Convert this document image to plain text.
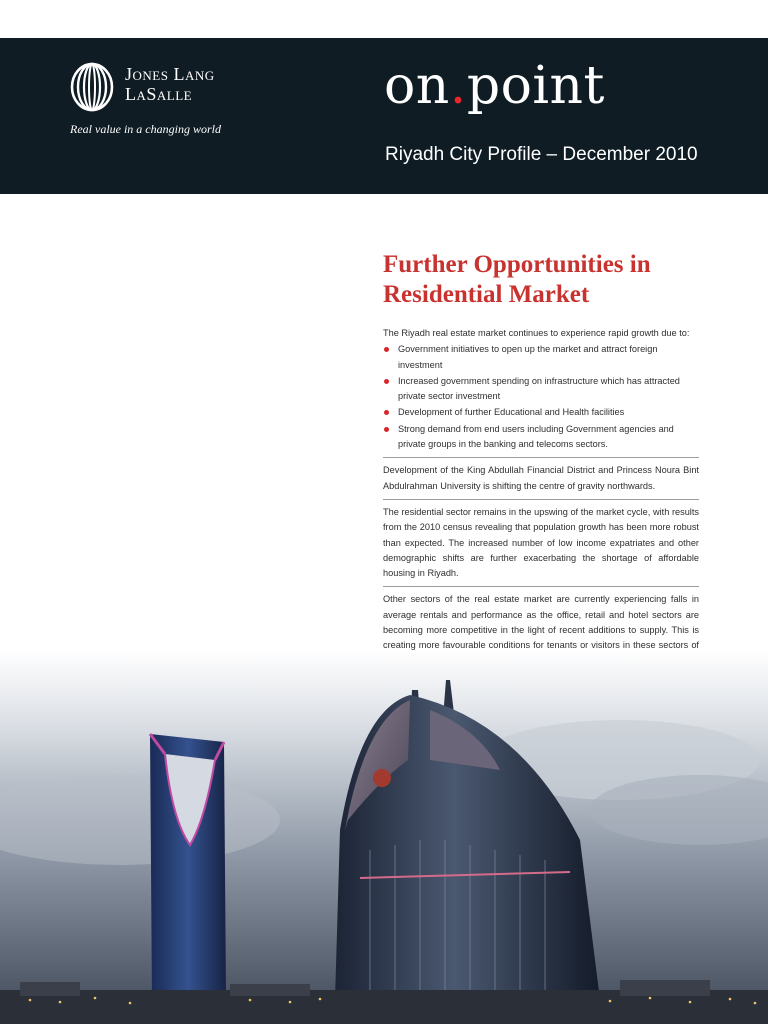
Jones Lang
LaSalle
Real value in a changing world
on.point
Riyadh City Profile – December 2010
Further Opportunities in
Residential Market

The Riyadh real estate market continues to experience rapid growth due to:

Government initiatives to open up the market and attract foreign investment
Increased government spending on infrastructure which has attracted private sector investment
Development of further Educational and Health facilities
Strong demand from end users including Government agencies and private groups in the banking and telecoms sectors.

Development of the King Abdullah Financial District and Princess Noura Bint Abdulrahman University is shifting the centre of gravity northwards.

The residential sector remains in the upswing of the market cycle, with results from the 2010 census revealing that population growth has been more robust than expected. The increased number of low income expatriates and other demographic shifts are further exacerbating the shortage of affordable housing in Riyadh.

Other sectors of the real estate market are currently experiencing falls in average rentals and performance as the office, retail and hotel sectors are becoming more competitive in the light of recent additions to supply. This is creating more favourable conditions for tenants or visitors in these sectors of
